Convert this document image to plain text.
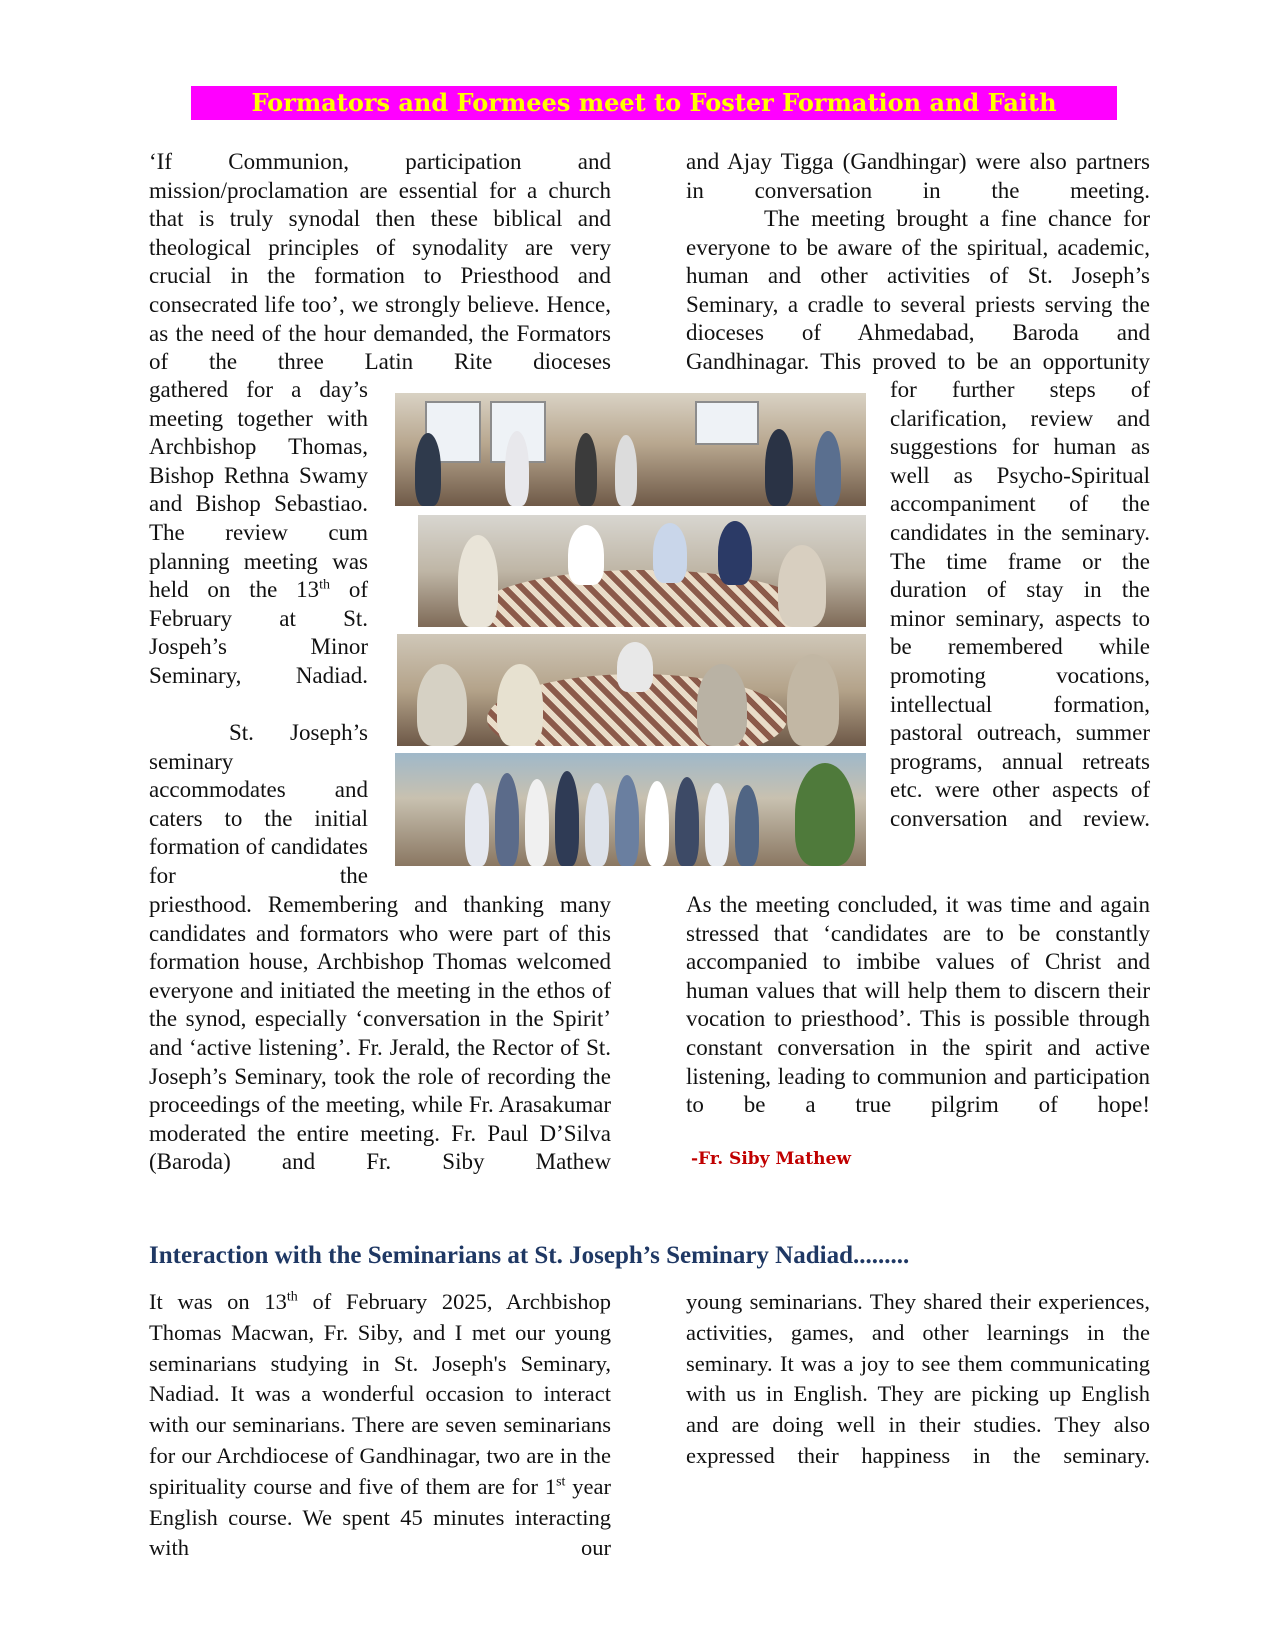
Formators and Formees meet to Foster Formation and Faith

‘If Communion, participation and mission/proclamation are essential for a church that is truly synodal then these biblical and theological principles of synodality are very crucial in the formation to Priesthood and consecrated life too’, we strongly believe. Hence, as the need of the hour demanded, the Formators of the three Latin Rite dioceses

gathered for a day’s meeting together with Archbishop Thomas, Bishop Rethna Swamy and Bishop Sebastiao. The review cum planning meeting was held on the 13th of February at St. Jospeh’s Minor Seminary, Nadiad.

St. Joseph’s seminary accommodates and caters to the initial formation of candidates for the

priesthood. Remembering and thanking many candidates and formators who were part of this formation house, Archbishop Thomas welcomed everyone and initiated the meeting in the ethos of the synod, especially ‘conversation in the Spirit’ and ‘active listening’. Fr. Jerald, the Rector of St. Joseph’s Seminary, took the role of recording the proceedings of the meeting, while Fr. Arasakumar moderated the entire meeting. Fr. Paul D’Silva (Baroda) and Fr. Siby Mathew

and Ajay Tigga (Gandhingar) were also partners in conversation in the meeting.

The meeting brought a fine chance for everyone to be aware of the spiritual, academic, human and other activities of St. Joseph’s Seminary, a cradle to several priests serving the dioceses of Ahmedabad, Baroda and Gandhinagar. This proved to be an opportunity

for further steps of clarification, review and suggestions for human as well as Psycho-Spiritual accompaniment of the candidates in the seminary. The time frame or the duration of stay in the minor seminary, aspects to be remembered while promoting vocations, intellectual formation, pastoral outreach, summer programs, annual retreats etc. were other aspects of conversation and review.

As the meeting concluded, it was time and again stressed that ‘candidates are to be constantly accompanied to imbibe values of Christ and human values that will help them to discern their vocation to priesthood’. This is possible through constant conversation in the spirit and active listening, leading to communion and participation to be a true pilgrim of hope!

-Fr. Siby Mathew
Interaction with the Seminarians at St. Joseph’s Seminary Nadiad.........

It was on 13th of February 2025, Archbishop Thomas Macwan, Fr. Siby, and I met our young seminarians studying in St. Joseph's Seminary, Nadiad. It was a wonderful occasion to interact with our seminarians. There are seven seminarians for our Archdiocese of Gandhinagar, two are in the spirituality course and five of them are for 1st year English course. We spent 45 minutes interacting with our

young seminarians. They shared their experiences, activities, games, and other learnings in the seminary. It was a joy to see them communicating with us in English. They are picking up English and are doing well in their studies. They also expressed their happiness in the seminary.
